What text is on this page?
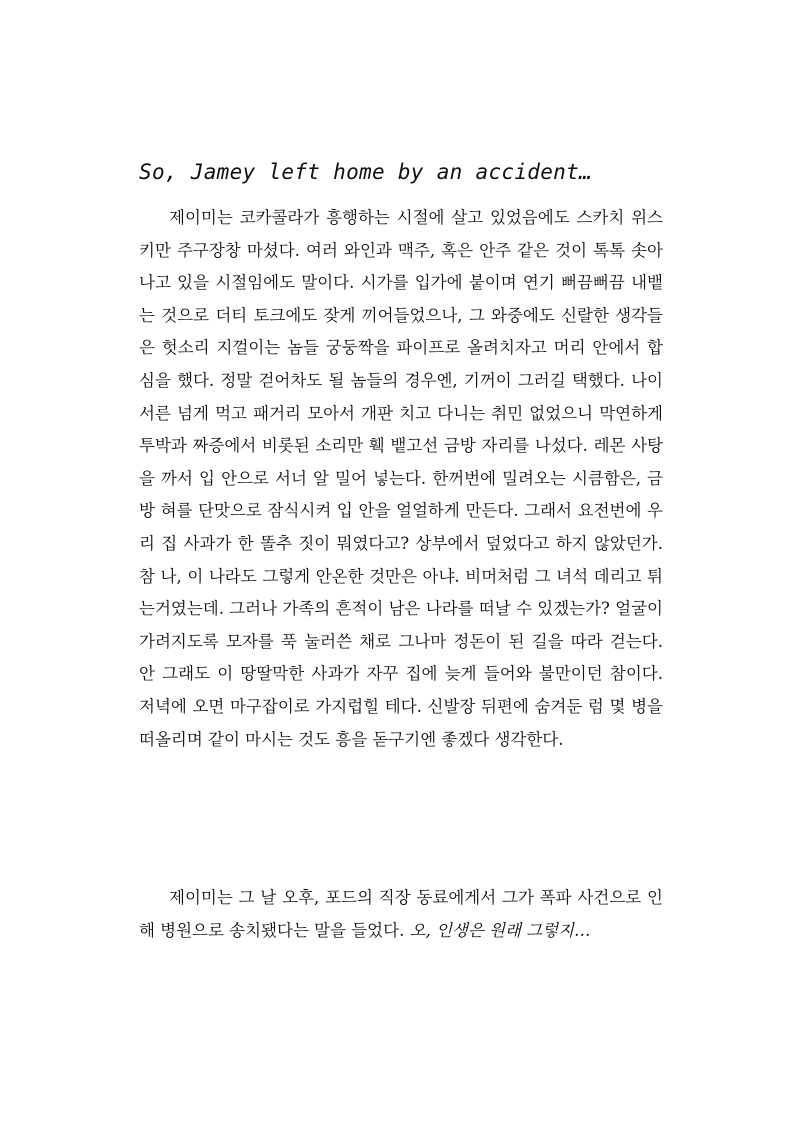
So, Jamey left home by an accident…

제이미는 코카콜라가 흥행하는 시절에 살고 있었음에도 스카치 위스키만 주구장창 마셨다. 여러 와인과 맥주, 혹은 안주 같은 것이 톡톡 솟아나고 있을 시절임에도 말이다. 시가를 입가에 붙이며 연기 뻐끔뻐끔 내뱉는 것으로 더티 토크에도 잦게 끼어들었으나, 그 와중에도 신랄한 생각들은 헛소리 지껄이는 놈들 궁둥짝을 파이프로 올려치자고 머리 안에서 합심을 했다. 정말 걷어차도 될 놈들의 경우엔, 기꺼이 그러길 택했다. 나이 서른 넘게 먹고 패거리 모아서 개판 치고 다니는 취민 없었으니 막연하게 투박과 짜증에서 비롯된 소리만 훽 뱉고선 금방 자리를 나섰다. 레몬 사탕을 까서 입 안으로 서너 알 밀어 넣는다. 한꺼번에 밀려오는 시큼함은, 금방 혀를 단맛으로 잠식시켜 입 안을 얼얼하게 만든다. 그래서 요전번에 우리 집 사과가 한 똘추 짓이 뭐였다고? 상부에서 덮었다고 하지 않았던가. 참 나, 이 나라도 그렇게 안온한 것만은 아냐. 비머처럼 그 녀석 데리고 튀는거였는데. 그러나 가족의 흔적이 남은 나라를 떠날 수 있겠는가? 얼굴이 가려지도록 모자를 푹 눌러쓴 채로 그나마 정돈이 된 길을 따라 걷는다. 안 그래도 이 땅딸막한 사과가 자꾸 집에 늦게 들어와 불만이던 참이다. 저녁에 오면 마구잡이로 가지럽힐 테다. 신발장 뒤편에 숨겨둔 럼 몇 병을 떠올리며 같이 마시는 것도 흥을 돋구기엔 좋겠다 생각한다.

제이미는 그 날 오후, 포드의 직장 동료에게서 그가 폭파 사건으로 인해 병원으로 송치됐다는 말을 들었다. 오, 인생은 원래 그렇지…
